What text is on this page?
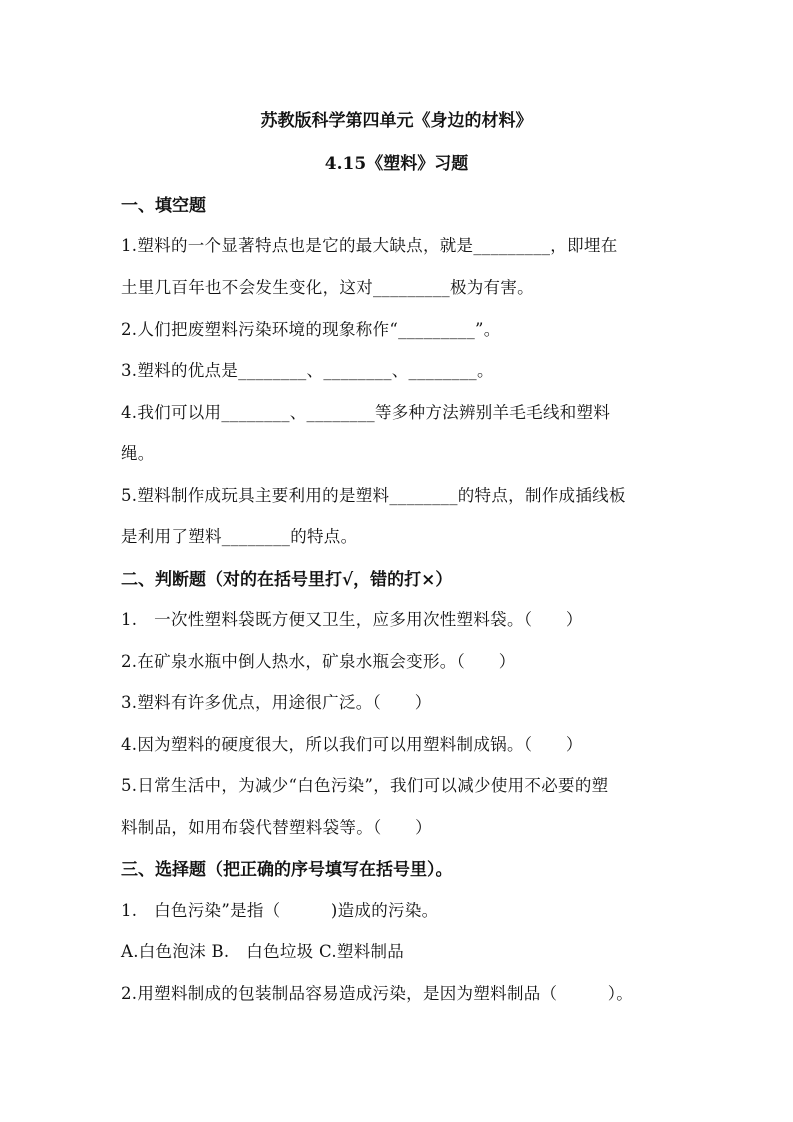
苏教版科学第四单元《身边的材料》
4.15《塑料》习题
一、填空题
1.塑料的一个显著特点也是它的最大缺点，就是_________，即埋在
土里几百年也不会发生变化，这对_________极为有害。
2.人们把废塑料污染环境的现象称作“_________”。
3.塑料的优点是________、________、________。
4.我们可以用________、________等多种方法辨别羊毛毛线和塑料
绳。
5.塑料制作成玩具主要利用的是塑料________的特点，制作成插线板
是利用了塑料________的特点。
二、判断题（对的在括号里打√，错的打×）
1.　一次性塑料袋既方便又卫生，应多用次性塑料袋。（　　）
2.在矿泉水瓶中倒人热水，矿泉水瓶会变形。（　　）
3.塑料有许多优点，用途很广泛。（　　）
4.因为塑料的硬度很大，所以我们可以用塑料制成锅。（　　）
5.日常生活中，为减少“白色污染”，我们可以减少使用不必要的塑
料制品，如用布袋代替塑料袋等。（　　）
三、选择题（把正确的序号填写在括号里）。
1.　白色污染”是指（　　　)造成的污染。
A.白色泡沫 B.　白色垃圾 C.塑料制品
2.用塑料制成的包装制品容易造成污染，是因为塑料制品（　　　）。
